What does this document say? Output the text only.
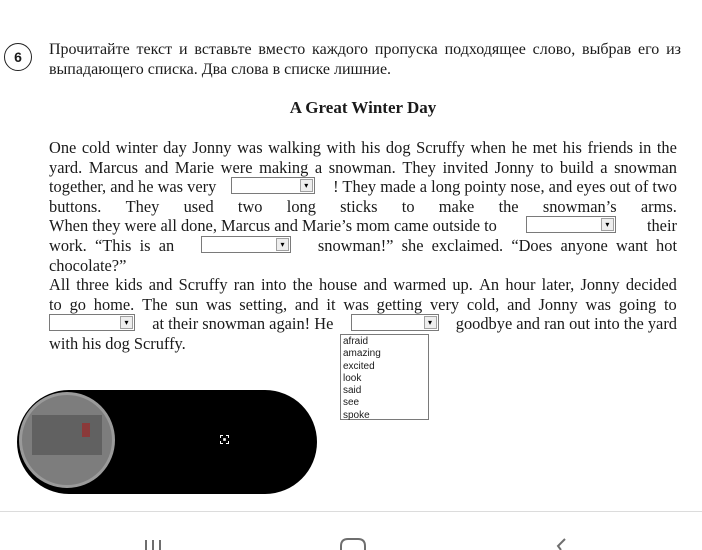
6	Прочитайте текст и вставьте вместо каждого пропуска подходящее слово, выбрав его из выпадающего списка. Два слова в списке лишние.
A Great Winter Day
One cold winter day Jonny was walking with his dog Scruffy when he met his friends in the
yard. Marcus and Marie were making a snowman. They invited Jonny to build a snowman
together, and he was very	▾ ! They made a long pointy nose, and eyes out of two
buttons. They used two long sticks to make the snowman’s arms.
When they were all done, Marcus and Marie’s mom came outside to	▾ their
work.  “This  is  an	▾ snowman!”  she  exclaimed.  “Does  anyone  want  hot
chocolate?”
All three kids and Scruffy ran into the house and warmed up. An hour later, Jonny decided
to go home. The sun was setting, and it was getting very cold, and Jonny was going to
▾ at their snowman again! He	▾ goodbye and ran out into the yard
with his dog Scruffy.	afraid
amazing
excited
look
said
see
spoke
